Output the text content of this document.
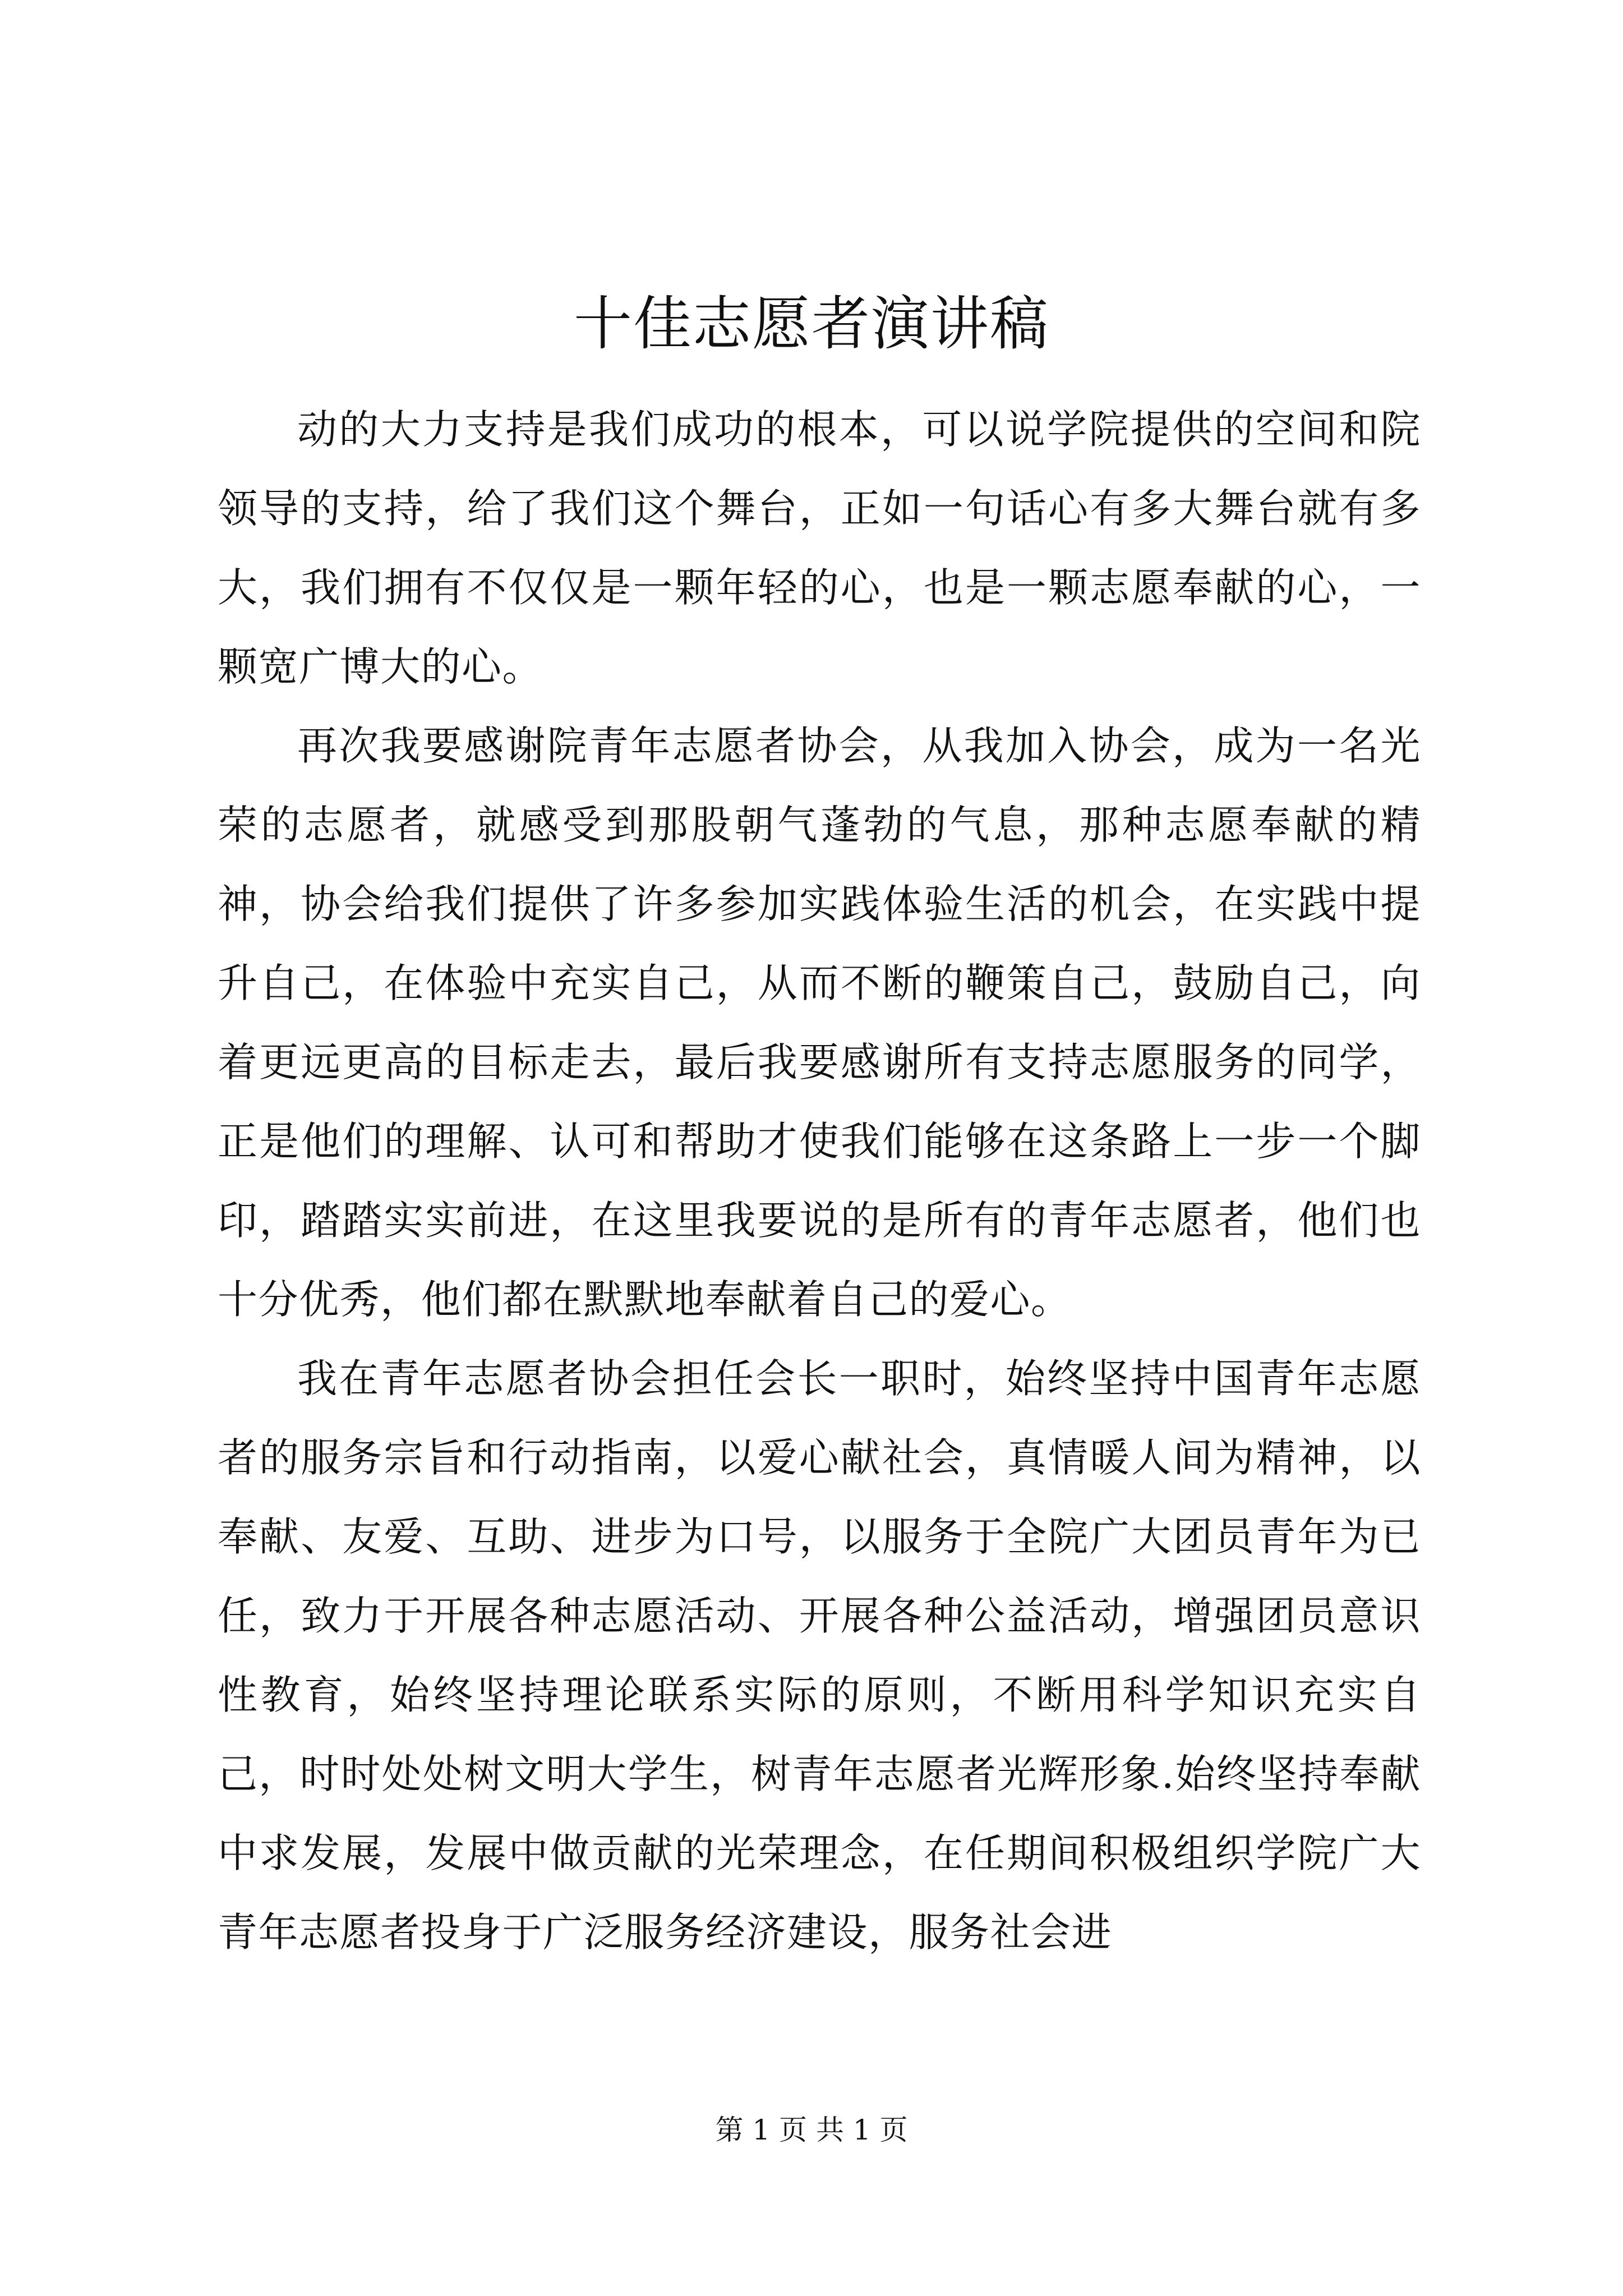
十佳志愿者演讲稿

动的大力支持是我们成功的根本，可以说学院提供的空间和院领导的支持，给了我们这个舞台，正如一句话心有多大舞台就有多大，我们拥有不仅仅是一颗年轻的心，也是一颗志愿奉献的心，一颗宽广博大的心。

再次我要感谢院青年志愿者协会，从我加入协会，成为一名光荣的志愿者，就感受到那股朝气蓬勃的气息，那种志愿奉献的精神，协会给我们提供了许多参加实践体验生活的机会，在实践中提升自己，在体验中充实自己，从而不断的鞭策自己，鼓励自己，向着更远更高的目标走去，最后我要感谢所有支持志愿服务的同学，正是他们的理解、认可和帮助才使我们能够在这条路上一步一个脚印，踏踏实实前进，在这里我要说的是所有的青年志愿者，他们也十分优秀，他们都在默默地奉献着自己的爱心。

我在青年志愿者协会担任会长一职时，始终坚持中国青年志愿者的服务宗旨和行动指南，以爱心献社会，真情暖人间为精神，以奉献、友爱、互助、进步为口号，以服务于全院广大团员青年为已任，致力于开展各种志愿活动、开展各种公益活动，增强团员意识性教育，始终坚持理论联系实际的原则，不断用科学知识充实自己，时时处处树文明大学生，树青年志愿者光辉形象.始终坚持奉献中求发展，发展中做贡献的光荣理念，在任期间积极组织学院广大青年志愿者投身于广泛服务经济建设，服务社会进

第 1 页 共 1 页
